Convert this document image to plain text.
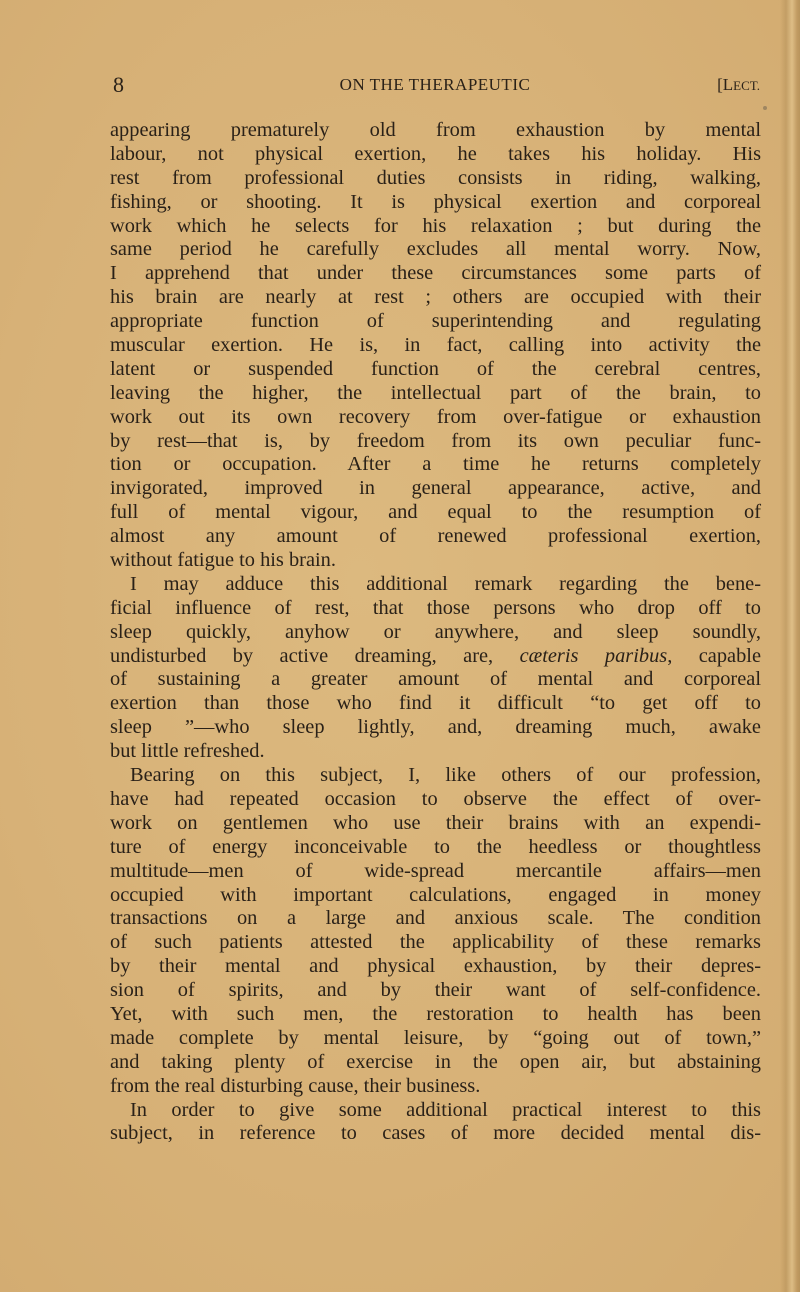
8	ON THE THERAPEUTIC	[LECT.
appearing prematurely old from exhaustion by mental
labour, not physical exertion, he takes his holiday. His
rest from professional duties consists in riding, walking,
fishing, or shooting. It is physical exertion and corporeal
work which he selects for his relaxation ; but during the
same period he carefully excludes all mental worry. Now,
I apprehend that under these circumstances some parts of
his brain are nearly at rest ; others are occupied with their
appropriate function of superintending and regulating
muscular exertion. He is, in fact, calling into activity the
latent or suspended function of the cerebral centres,
leaving the higher, the intellectual part of the brain, to
work out its own recovery from over-fatigue or exhaustion
by rest—that is, by freedom from its own peculiar func-
tion or occupation. After a time he returns completely
invigorated, improved in general appearance, active, and
full of mental vigour, and equal to the resumption of
almost any amount of renewed professional exertion,
without fatigue to his brain.
I may adduce this additional remark regarding the bene-
ficial influence of rest, that those persons who drop off to
sleep quickly, anyhow or anywhere, and sleep soundly,
undisturbed by active dreaming, are, cæteris paribus, capable
of sustaining a greater amount of mental and corporeal
exertion than those who find it difficult “to get off to
sleep ”—who sleep lightly, and, dreaming much, awake
but little refreshed.
Bearing on this subject, I, like others of our profession,
have had repeated occasion to observe the effect of over-
work on gentlemen who use their brains with an expendi-
ture of energy inconceivable to the heedless or thoughtless
multitude—men of wide-spread mercantile affairs—men
occupied with important calculations, engaged in money
transactions on a large and anxious scale. The condition
of such patients attested the applicability of these remarks
by their mental and physical exhaustion, by their depres-
sion of spirits, and by their want of self-confidence.
Yet, with such men, the restoration to health has been
made complete by mental leisure, by “going out of town,”
and taking plenty of exercise in the open air, but abstaining
from the real disturbing cause, their business.
In order to give some additional practical interest to this
subject, in reference to cases of more decided mental dis-
